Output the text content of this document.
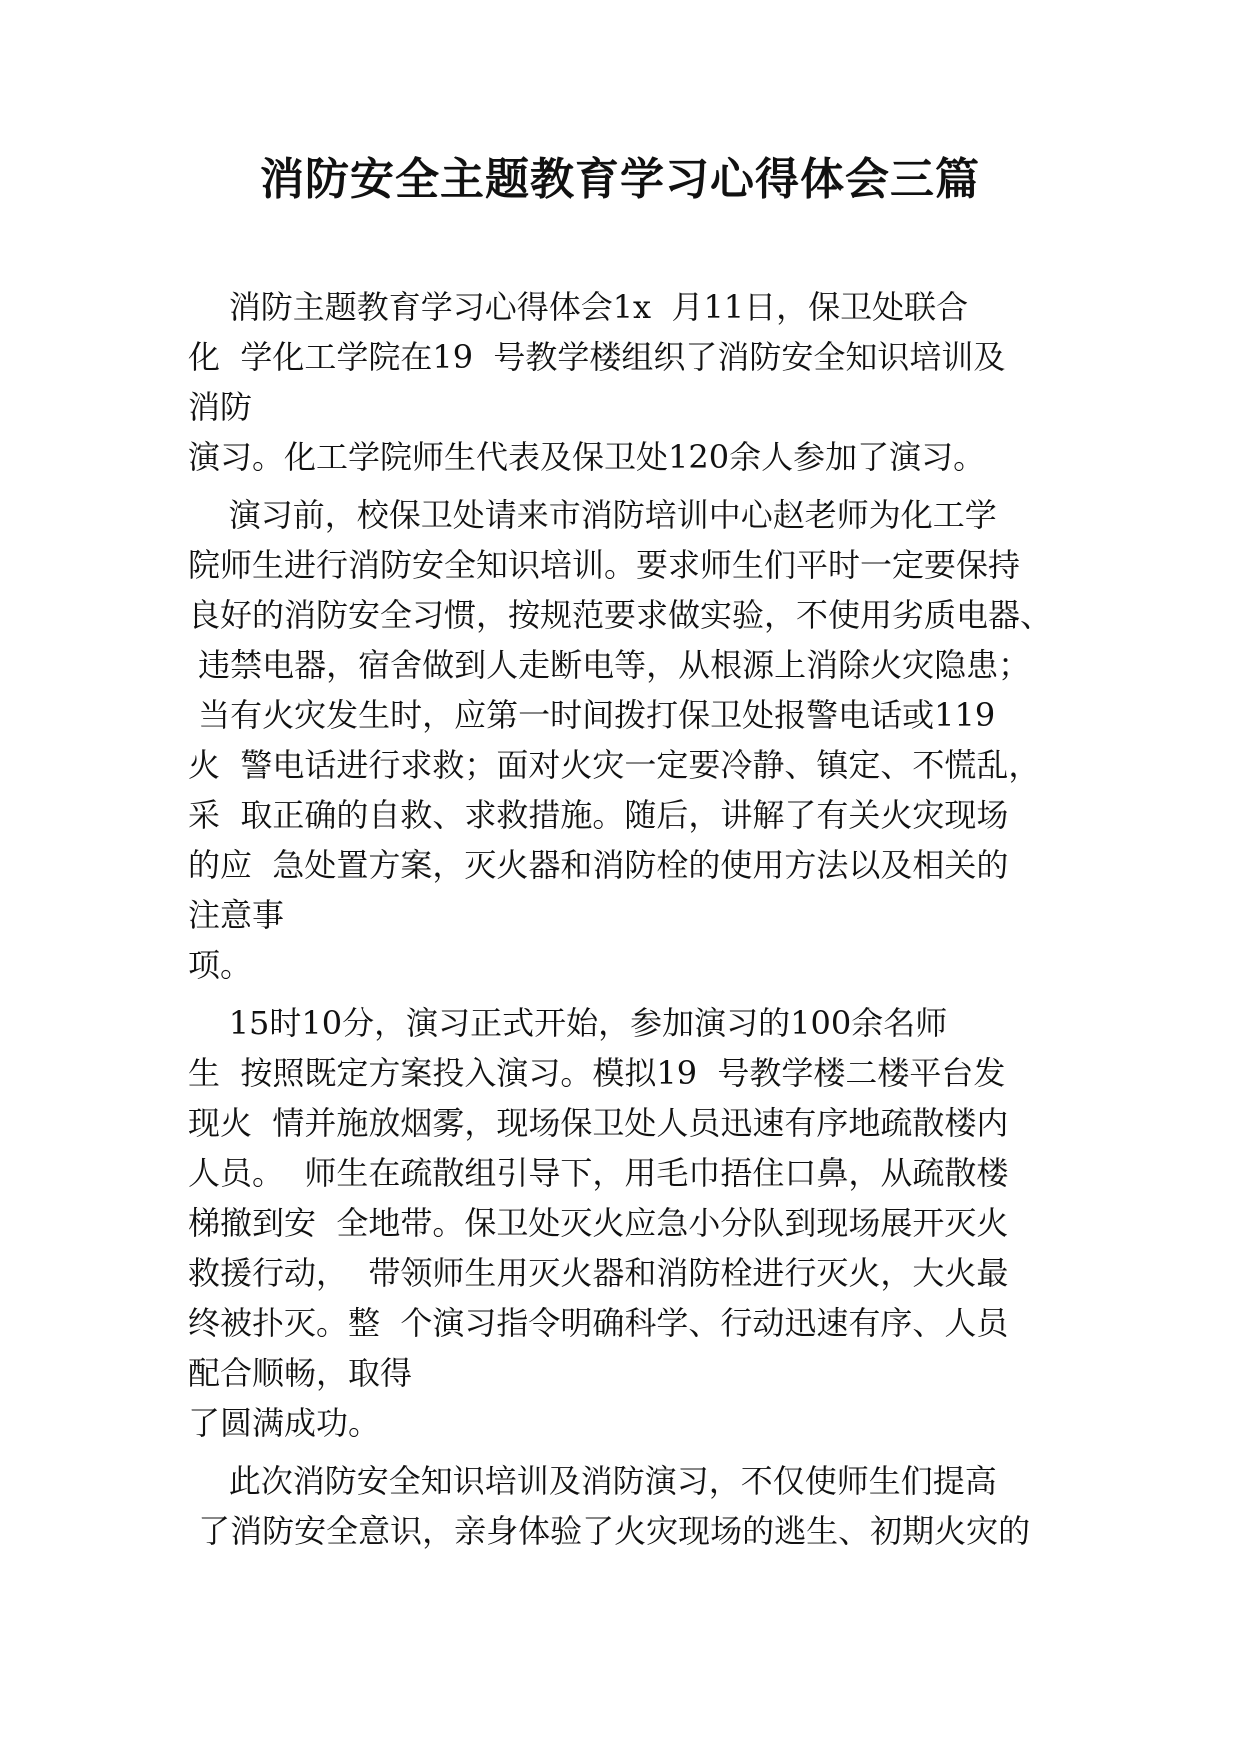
消防安全主题教育学习心得体会三篇
消防主题教育学习心得体会1x  月11日，保卫处联合
化  学化工学院在19  号教学楼组织了消防安全知识培训及
消防
演习。化工学院师生代表及保卫处120余人参加了演习。
演习前，校保卫处请来市消防培训中心赵老师为化工学
院师生进行消防安全知识培训。要求师生们平时一定要保持
良好的消防安全习惯，按规范要求做实验，不使用劣质电器、
违禁电器，宿舍做到人走断电等，从根源上消除火灾隐患；
当有火灾发生时，应第一时间拨打保卫处报警电话或119
火  警电话进行求救；面对火灾一定要冷静、镇定、不慌乱，
采  取正确的自救、求救措施。随后，讲解了有关火灾现场
的应  急处置方案，灭火器和消防栓的使用方法以及相关的
注意事
项。
15时10分，演习正式开始，参加演习的100余名师
生  按照既定方案投入演习。模拟19  号教学楼二楼平台发
现火  情并施放烟雾，现场保卫处人员迅速有序地疏散楼内
人员。  师生在疏散组引导下，用毛巾捂住口鼻，从疏散楼
梯撤到安  全地带。保卫处灭火应急小分队到现场展开灭火
救援行动，  带领师生用灭火器和消防栓进行灭火，大火最
终被扑灭。整  个演习指令明确科学、行动迅速有序、人员
配合顺畅，取得
了圆满成功。
此次消防安全知识培训及消防演习，不仅使师生们提高
了消防安全意识，亲身体验了火灾现场的逃生、初期火灾的
